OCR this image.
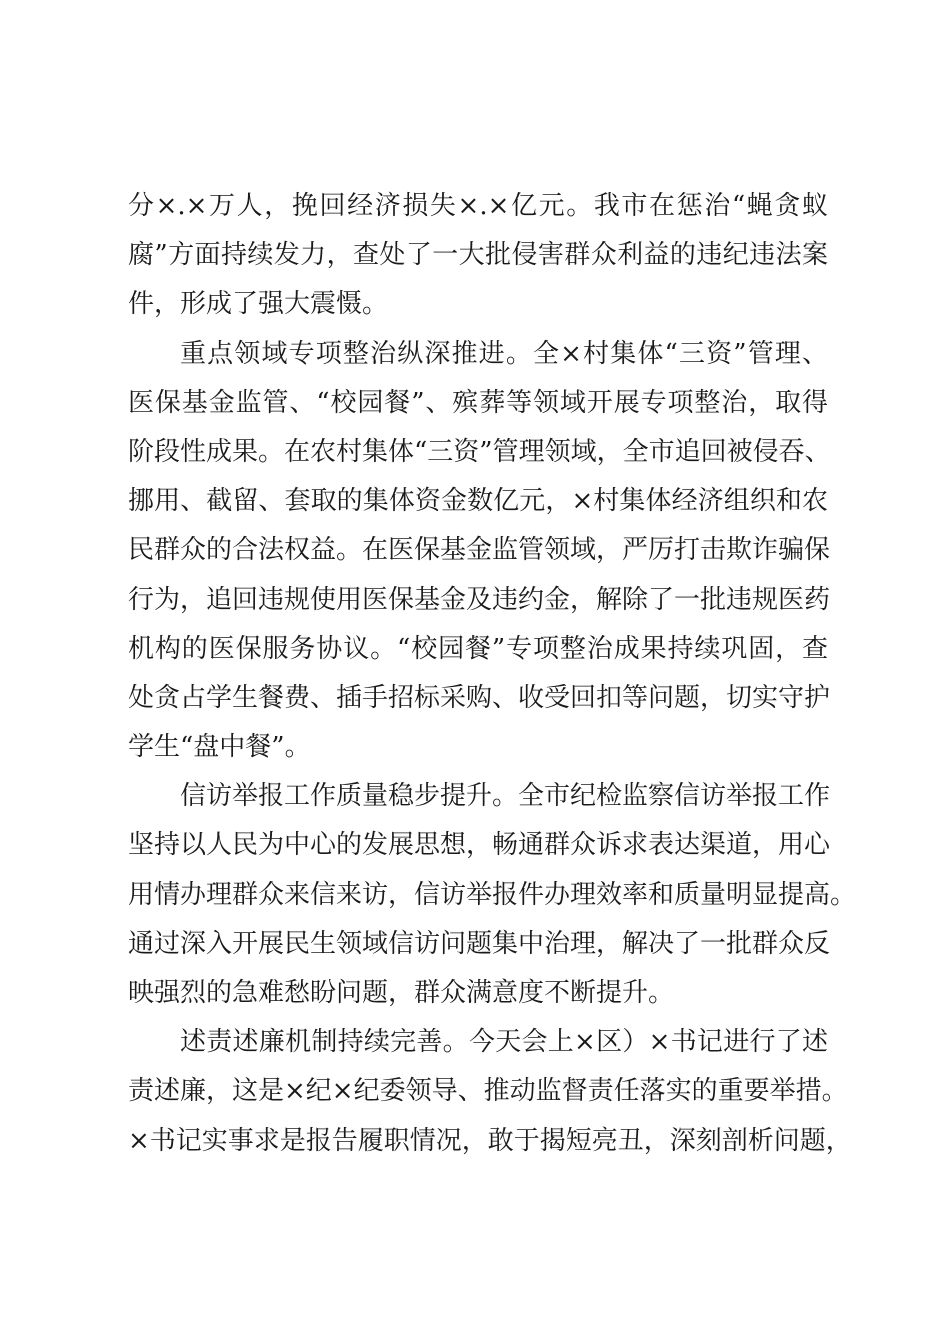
分×.×万人，挽回经济损失×.×亿元。我市在惩治“蝇贪蚁
腐”方面持续发力，查处了一大批侵害群众利益的违纪违法案
件，形成了强大震慑。
重点领域专项整治纵深推进。全×村集体“三资”管理、
医保基金监管、“校园餐”、殡葬等领域开展专项整治，取得
阶段性成果。在农村集体“三资”管理领域，全市追回被侵吞、
挪用、截留、套取的集体资金数亿元，×村集体经济组织和农
民群众的合法权益。在医保基金监管领域，严厉打击欺诈骗保
行为，追回违规使用医保基金及违约金，解除了一批违规医药
机构的医保服务协议。“校园餐”专项整治成果持续巩固，查
处贪占学生餐费、插手招标采购、收受回扣等问题，切实守护
学生“盘中餐”。
信访举报工作质量稳步提升。全市纪检监察信访举报工作
坚持以人民为中心的发展思想，畅通群众诉求表达渠道，用心
用情办理群众来信来访，信访举报件办理效率和质量明显提高。
通过深入开展民生领域信访问题集中治理，解决了一批群众反
映强烈的急难愁盼问题，群众满意度不断提升。
述责述廉机制持续完善。今天会上×区）×书记进行了述
责述廉，这是×纪×纪委领导、推动监督责任落实的重要举措。
×书记实事求是报告履职情况，敢于揭短亮丑，深刻剖析问题，
